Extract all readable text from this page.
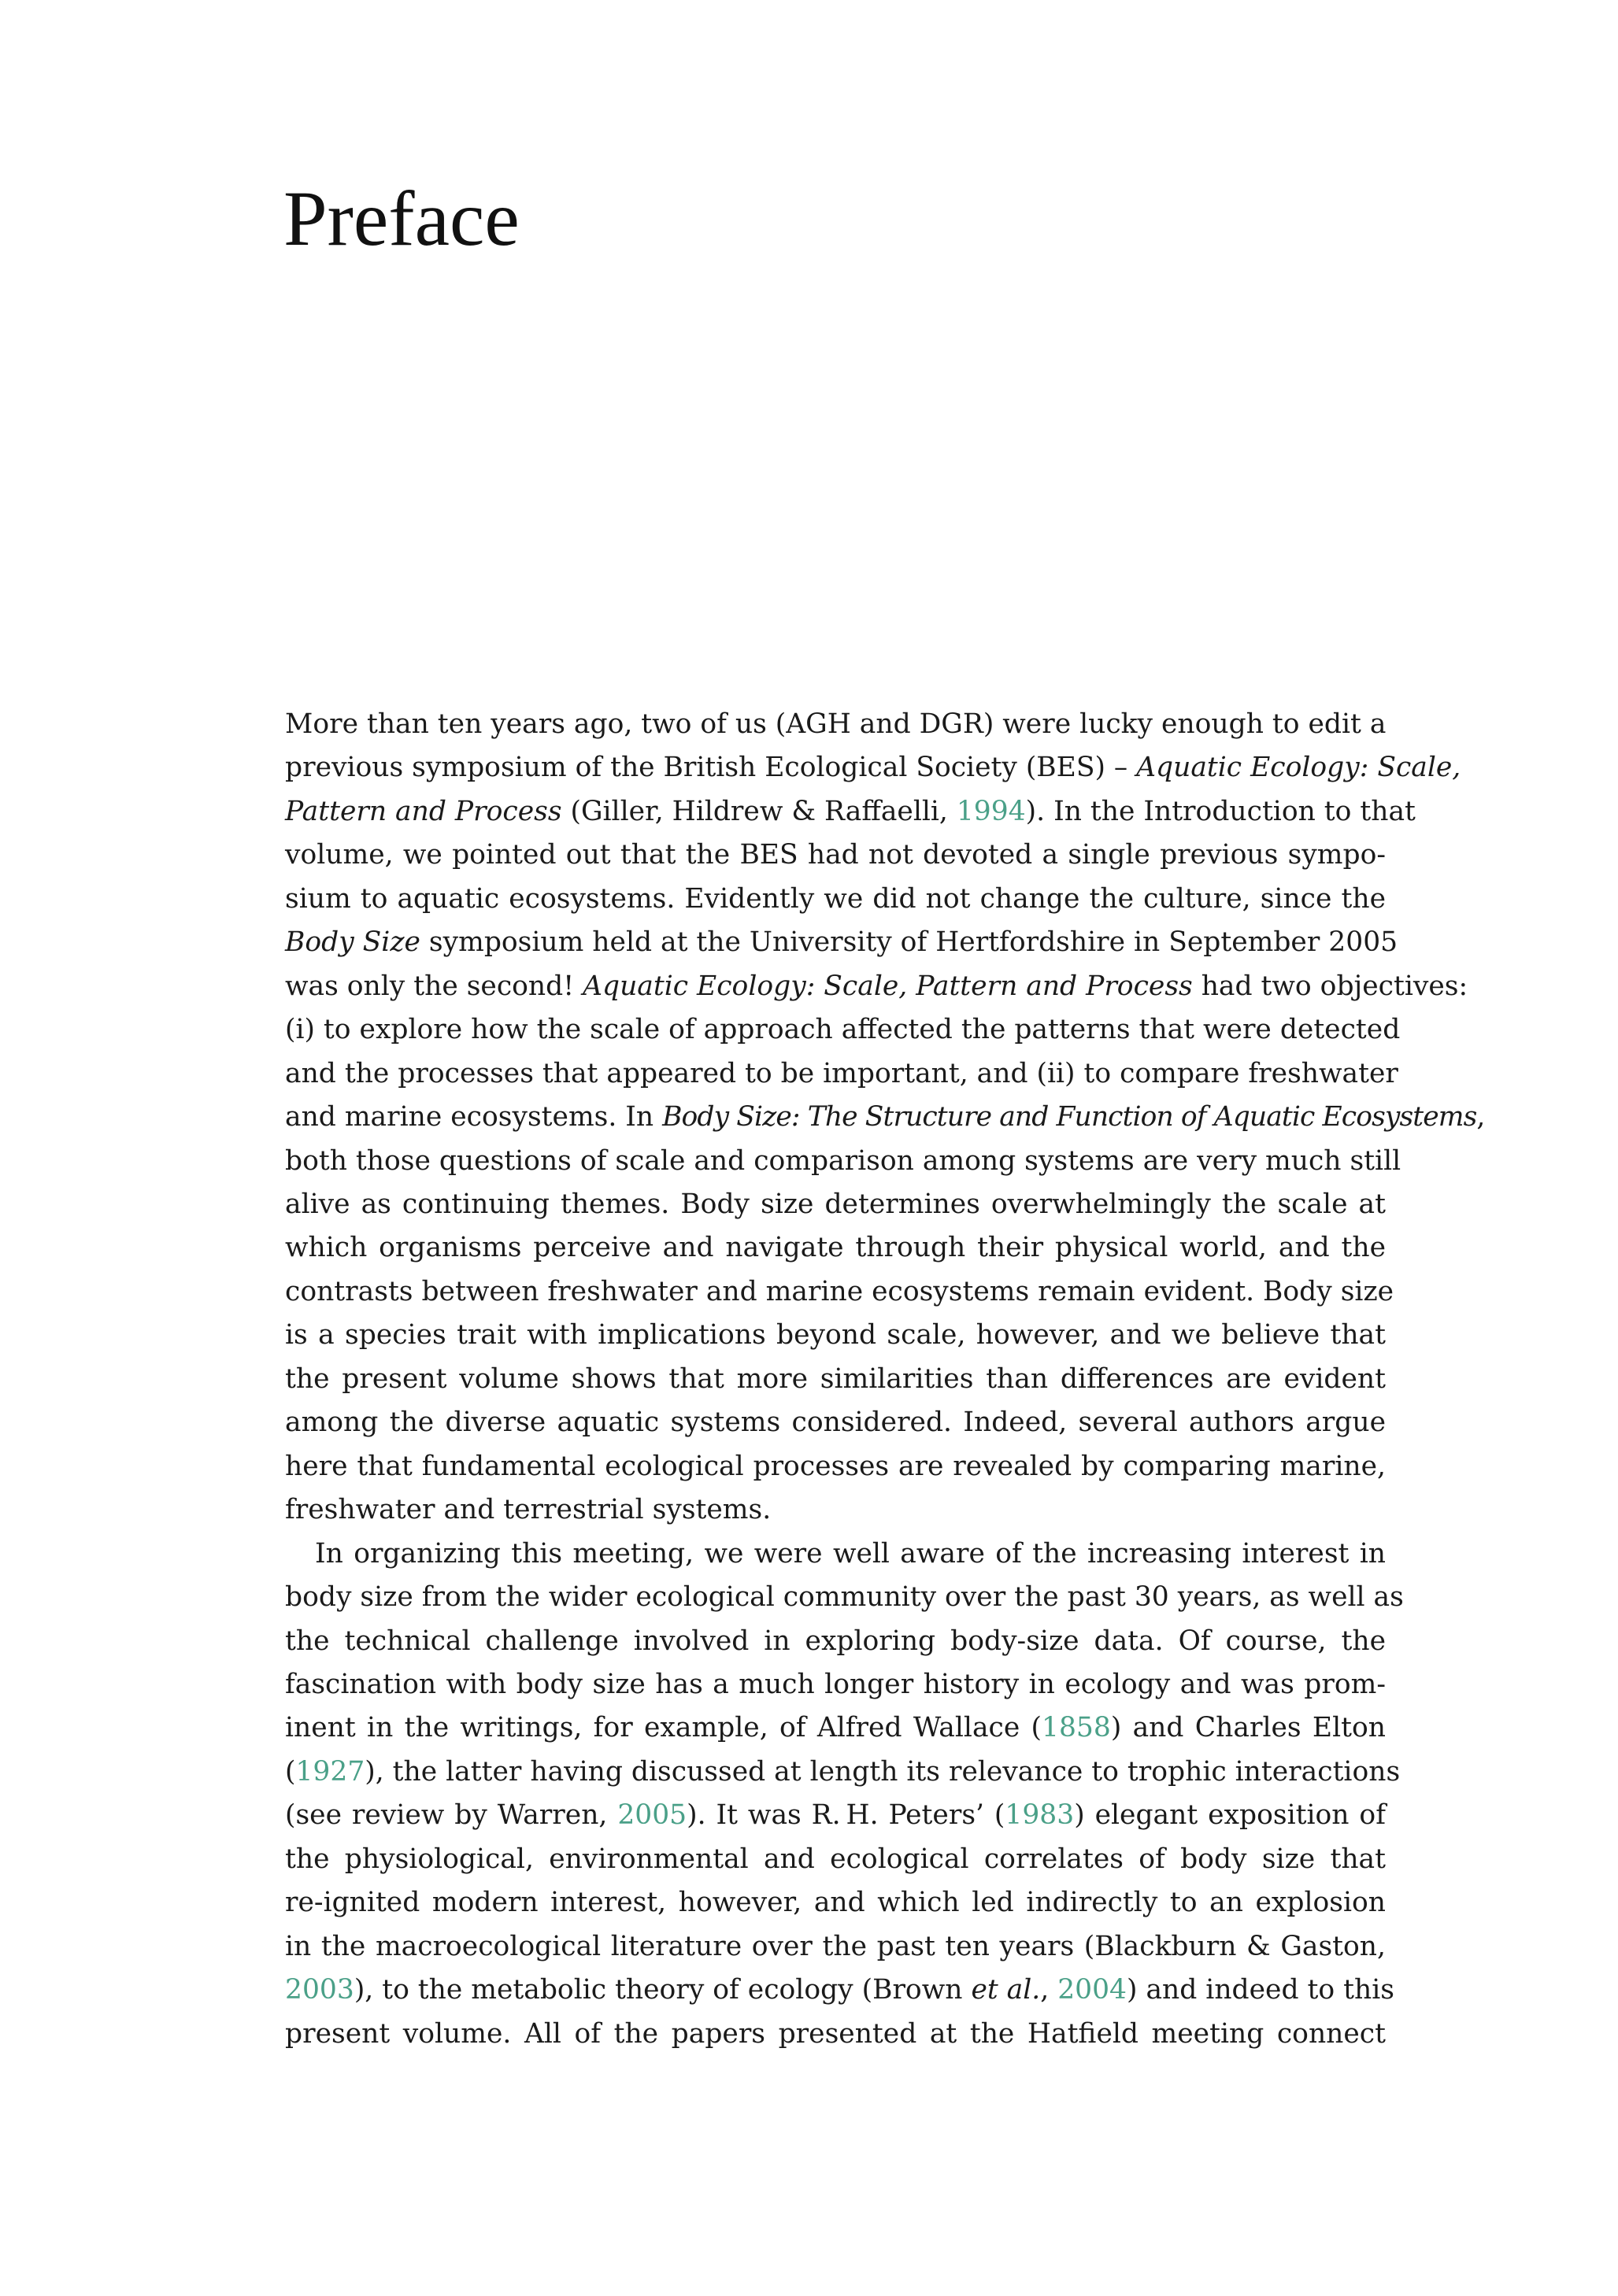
Preface
More than ten years ago, two of us (AGH and DGR) were lucky enough to edit a
previous symposium of the British Ecological Society (BES) – Aquatic Ecology: Scale,
Pattern and Process (Giller, Hildrew & Raffaelli, 1994). In the Introduction to that
volume, we pointed out that the BES had not devoted a single previous sympo-
sium to aquatic ecosystems. Evidently we did not change the culture, since the
Body Size symposium held at the University of Hertfordshire in September 2005
was only the second! Aquatic Ecology: Scale, Pattern and Process had two objectives:
(i) to explore how the scale of approach affected the patterns that were detected
and the processes that appeared to be important, and (ii) to compare freshwater
and marine ecosystems. In Body Size: The Structure and Function of Aquatic Ecosystems,
both those questions of scale and comparison among systems are very much still
alive as continuing themes. Body size determines overwhelmingly the scale at
which organisms perceive and navigate through their physical world, and the
contrasts between freshwater and marine ecosystems remain evident. Body size
is a species trait with implications beyond scale, however, and we believe that
the present volume shows that more similarities than differences are evident
among the diverse aquatic systems considered. Indeed, several authors argue
here that fundamental ecological processes are revealed by comparing marine,
freshwater and terrestrial systems.
In organizing this meeting, we were well aware of the increasing interest in
body size from the wider ecological community over the past 30 years, as well as
the technical challenge involved in exploring body-size data. Of course, the
fascination with body size has a much longer history in ecology and was prom-
inent in the writings, for example, of Alfred Wallace (1858) and Charles Elton
(1927), the latter having discussed at length its relevance to trophic interactions
(see review by Warren, 2005). It was R. H. Peters’ (1983) elegant exposition of
the physiological, environmental and ecological correlates of body size that
re-ignited modern interest, however, and which led indirectly to an explosion
in the macroecological literature over the past ten years (Blackburn & Gaston,
2003), to the metabolic theory of ecology (Brown et al., 2004) and indeed to this
present volume. All of the papers presented at the Hatfield meeting connect
